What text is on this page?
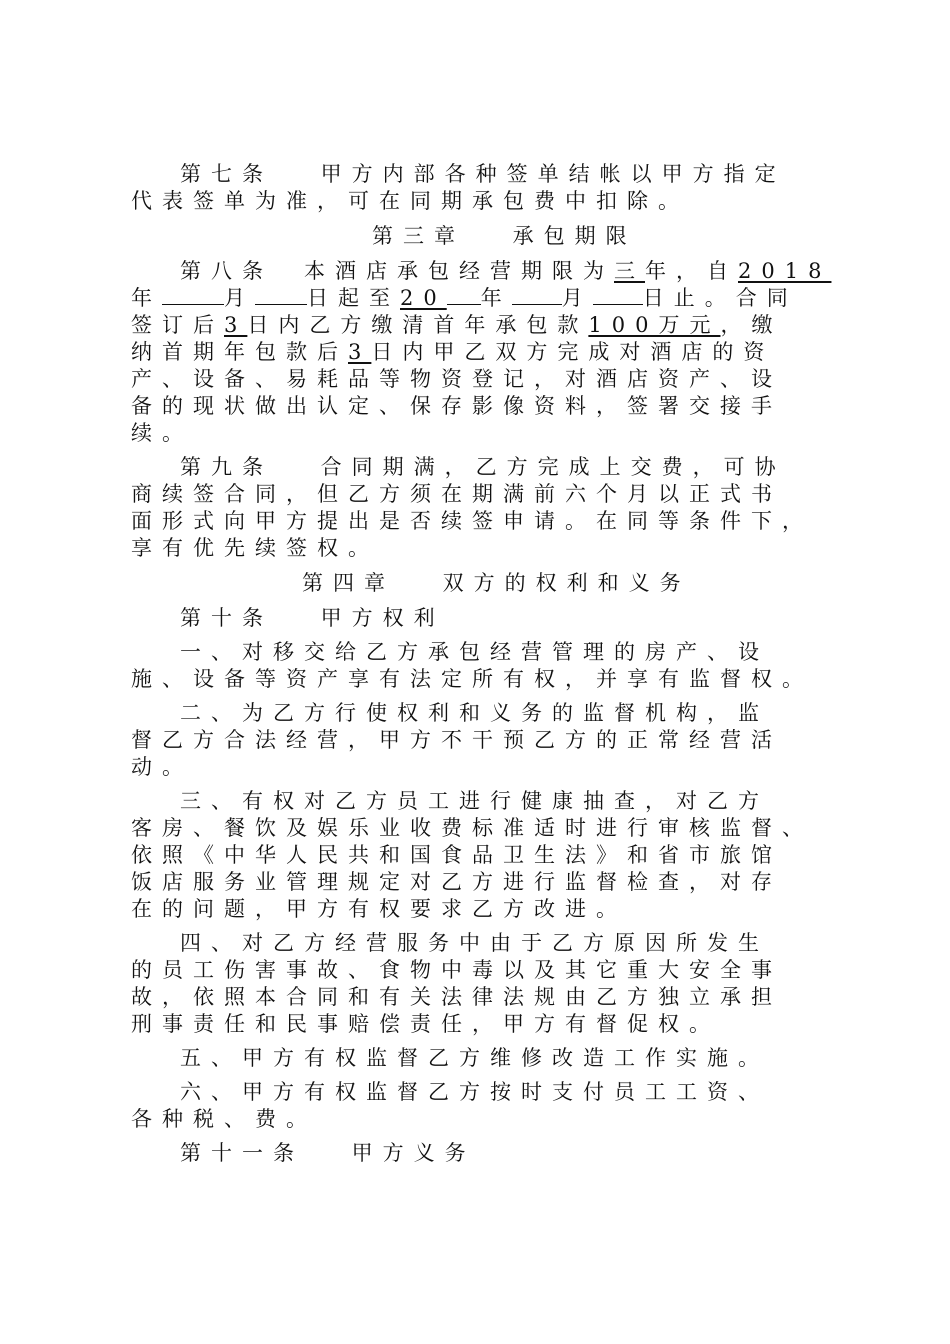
第七条　 甲方内部各种签单结帐以甲方指定
代表签单为准，可在同期承包费中扣除。
第三章　 承包期限
第八条　本酒店承包经营期限为三年，自2018
年	月 日起至20 年 月 日止。合同
签订后3日内乙方缴清首年承包款100万元，缴
纳首期年包款后3日内甲乙双方完成对酒店的资
产、设备、易耗品等物资登记，对酒店资产、设
备的现状做出认定、保存影像资料，签署交接手
续。
第九条　 合同期满，乙方完成上交费，可协
商续签合同，但乙方须在期满前六个月以正式书
面形式向甲方提出是否续签申请。在同等条件下，
享有优先续签权。
第四章　 双方的权利和义务
第十条　 甲方权利
一、对移交给乙方承包经营管理的房产、设
施、设备等资产享有法定所有权，并享有监督权。
二、为乙方行使权利和义务的监督机构，监
督乙方合法经营，甲方不干预乙方的正常经营活
动。
三、有权对乙方员工进行健康抽查，对乙方
客房、餐饮及娱乐业收费标准适时进行审核监督、
依照《中华人民共和国食品卫生法》和省市旅馆
饭店服务业管理规定对乙方进行监督检查，对存
在的问题，甲方有权要求乙方改进。
四、对乙方经营服务中由于乙方原因所发生
的员工伤害事故、食物中毒以及其它重大安全事
故，依照本合同和有关法律法规由乙方独立承担
刑事责任和民事赔偿责任，甲方有督促权。
五、甲方有权监督乙方维修改造工作实施。
六、甲方有权监督乙方按时支付员工工资、
各种税、费。
第十一条　 甲方义务
